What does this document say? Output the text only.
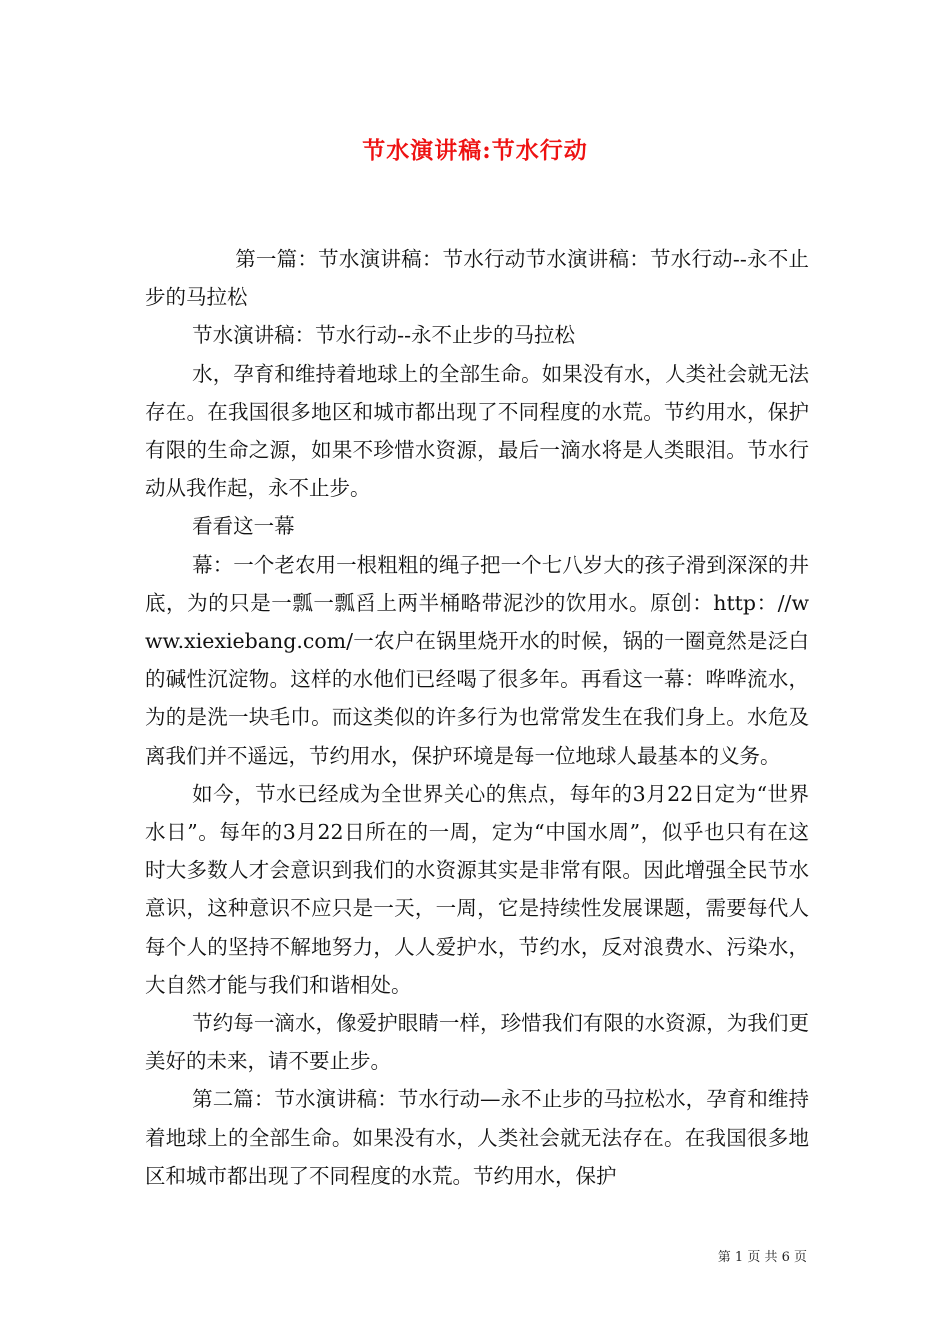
节水演讲稿:节水行动

第一篇：节水演讲稿：节水行动节水演讲稿：节水行动--永不止步的马拉松

节水演讲稿：节水行动--永不止步的马拉松

水，孕育和维持着地球上的全部生命。如果没有水，人类社会就无法存在。在我国很多地区和城市都出现了不同程度的水荒。节约用水，保护有限的生命之源，如果不珍惜水资源，最后一滴水将是人类眼泪。节水行动从我作起，永不止步。

看看这一幕

幕：一个老农用一根粗粗的绳子把一个七八岁大的孩子滑到深深的井底，为的只是一瓢一瓢舀上两半桶略带泥沙的饮用水。原创：http：//www.xiexiebang.com/一农户在锅里烧开水的时候，锅的一圈竟然是泛白的碱性沉淀物。这样的水他们已经喝了很多年。再看这一幕：哗哗流水，为的是洗一块毛巾。而这类似的许多行为也常常发生在我们身上。水危及离我们并不遥远，节约用水，保护环境是每一位地球人最基本的义务。

如今，节水已经成为全世界关心的焦点，每年的3月22日定为“世界水日”。每年的3月22日所在的一周，定为“中国水周”，似乎也只有在这时大多数人才会意识到我们的水资源其实是非常有限。因此增强全民节水意识，这种意识不应只是一天，一周，它是持续性发展课题，需要每代人每个人的坚持不解地努力，人人爱护水，节约水，反对浪费水、污染水，大自然才能与我们和谐相处。

节约每一滴水，像爱护眼睛一样，珍惜我们有限的水资源，为我们更美好的未来，请不要止步。

第二篇：节水演讲稿：节水行动—永不止步的马拉松水，孕育和维持着地球上的全部生命。如果没有水，人类社会就无法存在。在我国很多地区和城市都出现了不同程度的水荒。节约用水，保护

第 1 页 共 6 页
